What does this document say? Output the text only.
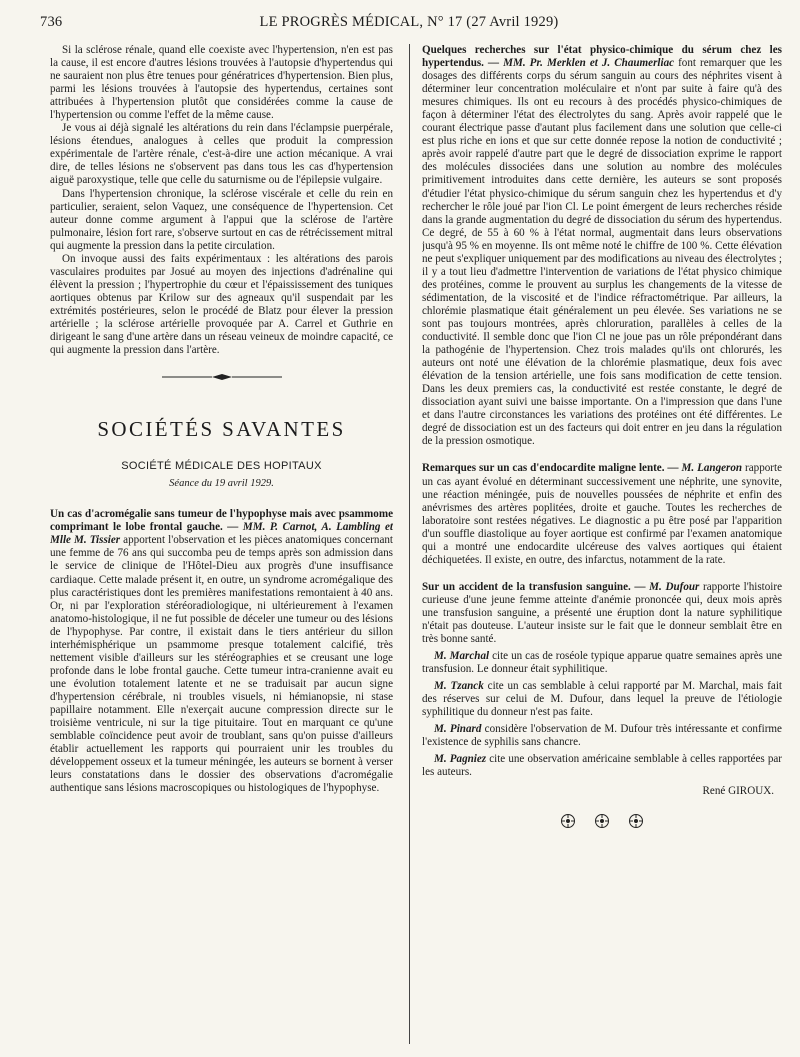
736	LE PROGRÈS MÉDICAL, N° 17 (27 Avril 1929)

Si la sclérose rénale, quand elle coexiste avec l'hypertension, n'en est pas la cause, il est encore d'autres lésions trouvées à l'autopsie d'hypertendus qui ne sauraient non plus être tenues pour génératrices d'hypertension. Bien plus, parmi les lésions trouvées à l'autopsie des hypertendus, certaines sont attribuées à l'hypertension plutôt que considérées comme la cause de l'hypertension ou comme l'effet de la même cause.

Je vous ai déjà signalé les altérations du rein dans l'éclampsie puerpérale, lésions étendues, analogues à celles que produit la compression expérimentale de l'artère rénale, c'est-à-dire une action mécanique. A vrai dire, de telles lésions ne s'observent pas dans tous les cas d'hypertension aiguë paroxystique, telle que celle du saturnisme ou de l'épilepsie vulgaire.

Dans l'hypertension chronique, la sclérose viscérale et celle du rein en particulier, seraient, selon Vaquez, une conséquence de l'hypertension. Cet auteur donne comme argument à l'appui que la sclérose de l'artère pulmonaire, lésion fort rare, s'observe surtout en cas de rétrécissement mitral qui augmente la pression dans la petite circulation.

On invoque aussi des faits expérimentaux : les altérations des parois vasculaires produites par Josué au moyen des injections d'adrénaline qui élèvent la pression ; l'hypertrophie du cœur et l'épaississement des tuniques aortiques obtenus par Krilow sur des agneaux qu'il suspendait par les extrémités postérieures, selon le procédé de Blatz pour élever la pression artérielle ; la sclérose artérielle provoquée par A. Carrel et Guthrie en dirigeant le sang d'une artère dans un réseau veineux de moindre capacité, ce qui augmente la pression dans l'artère.

SOCIÉTÉS SAVANTES
SOCIÉTÉ MÉDICALE DES HOPITAUX
Séance du 19 avril 1929.

Un cas d'acromégalie sans tumeur de l'hypophyse mais avec psammome comprimant le lobe frontal gauche. — MM. P. Carnot, A. Lambling et Mlle M. Tissier apportent l'observation et les pièces anatomiques concernant une femme de 76 ans qui succomba peu de temps après son admission dans le service de clinique de l'Hôtel-Dieu aux progrès d'une insuffisance cardiaque. Cette malade présent it, en outre, un syndrome acromégalique des plus caractéristiques dont les premières manifestations remontaient à 40 ans. Or, ni par l'exploration stéréoradiologique, ni ultérieurement à l'examen anatomo-histologique, il ne fut possible de déceler une tumeur ou des lésions de l'hypophyse. Par contre, il existait dans le tiers antérieur du sillon interhémisphérique un psammome presque totalement calcifié, très nettement visible d'ailleurs sur les stéréographies et se creusant une loge profonde dans le lobe frontal gauche. Cette tumeur intra-cranienne avait eu une évolution totalement latente et ne se traduisait par aucun signe d'hypertension cérébrale, ni troubles visuels, ni hémianopsie, ni stase papillaire notamment. Elle n'exerçait aucune compression directe sur le troisième ventricule, ni sur la tige pituitaire. Tout en marquant ce qu'une semblable coïncidence peut avoir de troublant, sans qu'on puisse d'ailleurs établir actuellement les rapports qui pourraient unir les troubles du développement osseux et la tumeur méningée, les auteurs se bornent à verser leurs constatations dans le dossier des observations d'acromégalie authentique sans lésions macroscopiques ou histologiques de l'hypophyse.

Quelques recherches sur l'état physico-chimique du sérum chez les hypertendus. — MM. Pr. Merklen et J. Chaumerliac font remarquer que les dosages des différents corps du sérum sanguin au cours des néphrites visent à déterminer leur concentration moléculaire et n'ont par suite à faire qu'à des mesures chimiques. Ils ont eu recours à des procédés physico-chimiques de façon à déterminer l'état des électrolytes du sang. Après avoir rappelé que le courant électrique passe d'autant plus facilement dans une solution que celle-ci est plus riche en ions et que sur cette donnée repose la notion de conductivité ; après avoir rappelé d'autre part que le degré de dissociation exprime le rapport des molécules dissociées dans une solution au nombre des molécules primitivement introduites dans cette dernière, les auteurs se sont proposés d'étudier l'état physico-chimique du sérum sanguin chez les hypertendus et d'y rechercher le rôle joué par l'ion Cl. Le point émergent de leurs recherches réside dans la grande augmentation du degré de dissociation du sérum des hypertendus. Ce degré, de 55 à 60 % à l'état normal, augmentait dans leurs observations jusqu'à 95 % en moyenne. Ils ont même noté le chiffre de 100 %. Cette élévation ne peut s'expliquer uniquement par des modifications au niveau des électrolytes ; il y a tout lieu d'admettre l'intervention de variations de l'état physico chimique des protéines, comme le prouvent au surplus les changements de la vitesse de sédimentation, de la viscosité et de l'indice réfractométrique. Par ailleurs, la chlorémie plasmatique était généralement un peu élevée. Ses variations ne se sont pas toujours montrées, après chloruration, parallèles à celles de la conductivité. Il semble donc que l'ion Cl ne joue pas un rôle prépondérant dans la pathogénie de l'hypertension. Chez trois malades qu'ils ont chlorurés, les auteurs ont noté une élévation de la chlorémie plasmatique, deux fois avec élévation de la tension artérielle, une fois sans modification de cette tension. Dans les deux premiers cas, la conductivité est restée constante, le degré de dissociation ayant suivi une baisse importante. On a l'impression que dans l'une et dans l'autre circonstances les variations des protéines ont été différentes. Le degré de dissociation est un des facteurs qui doit entrer en jeu dans la régulation de la pression osmotique.

Remarques sur un cas d'endocardite maligne lente. — M. Langeron rapporte un cas ayant évolué en déterminant successivement une néphrite, une synovite, une réaction méningée, puis de nouvelles poussées de néphrite et enfin des anévrismes des artères poplitées, droite et gauche. Toutes les recherches de laboratoire sont restées négatives. Le diagnostic a pu être posé par l'apparition d'un souffle diastolique au foyer aortique est confirmé par l'examen anatomique qui a montré une endocardite ulcéreuse des valves aortiques qui étaient déchiquetées. Il existe, en outre, des infarctus, notamment de la rate.

Sur un accident de la transfusion sanguine. — M. Dufour rapporte l'histoire curieuse d'une jeune femme atteinte d'anémie prononcée qui, deux mois après une transfusion sanguine, a présenté une éruption dont la nature syphilitique n'était pas douteuse. L'auteur insiste sur le fait que le donneur semblait être en très bonne santé.

M. Marchal cite un cas de roséole typique apparue quatre semaines après une transfusion. Le donneur était syphilitique.

M. Tzanck cite un cas semblable à celui rapporté par M. Marchal, mais fait des réserves sur celui de M. Dufour, dans lequel la preuve de l'étiologie syphilitique du donneur n'est pas faite.

M. Pinard considère l'observation de M. Dufour très intéressante et confirme l'existence de syphilis sans chancre.

M. Pagniez cite une observation américaine semblable à celles rapportées par les auteurs.

René GIROUX.
